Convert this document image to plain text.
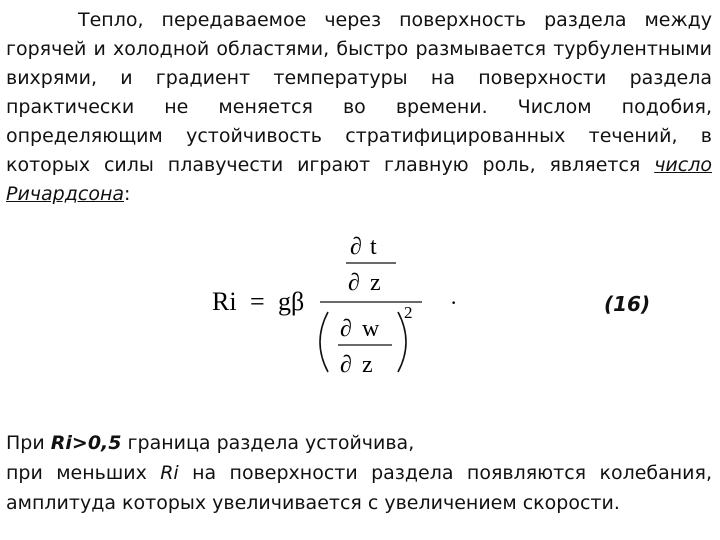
Тепло, передаваемое через поверхность раздела между горячей и холодной областями, быстро размывается турбулентными вихрями, и градиент температуры на поверхности раздела практически не меняется во времени. Числом подобия, определяющим устойчивость стратифицированных течений, в которых силы плавучести играют главную роль, является число Ричардсона:
Ri = gβ
∂ t
∂ z
∂ w
∂ z
2 ·	(16)
При Ri>0,5 граница раздела устойчива,
при меньших Ri на поверхности раздела появляются колебания,
амплитуда которых увеличивается с увеличением скорости.
